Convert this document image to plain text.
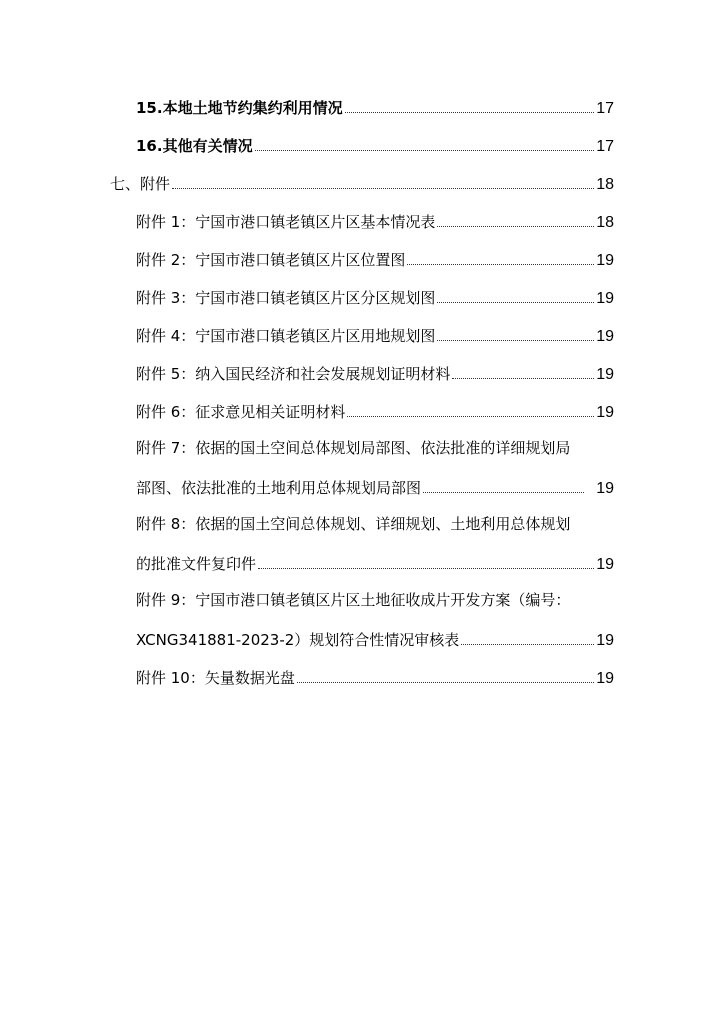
15.本地土地节约集约利用情况	17
16.其他有关情况	17
七、附件	18
附件 1：宁国市港口镇老镇区片区基本情况表	18
附件 2：宁国市港口镇老镇区片区位置图	19
附件 3：宁国市港口镇老镇区片区分区规划图	19
附件 4：宁国市港口镇老镇区片区用地规划图	19
附件 5：纳入国民经济和社会发展规划证明材料	19
附件 6：征求意见相关证明材料	19
附件 7：依据的国土空间总体规划局部图、依法批准的详细规划局
部图、依法批准的土地利用总体规划局部图	19
附件 8：依据的国土空间总体规划、详细规划、土地利用总体规划
的批准文件复印件	19
附件 9：宁国市港口镇老镇区片区土地征收成片开发方案（编号：
XCNG341881-2023-2）规划符合性情况审核表	19
附件 10：矢量数据光盘	19
